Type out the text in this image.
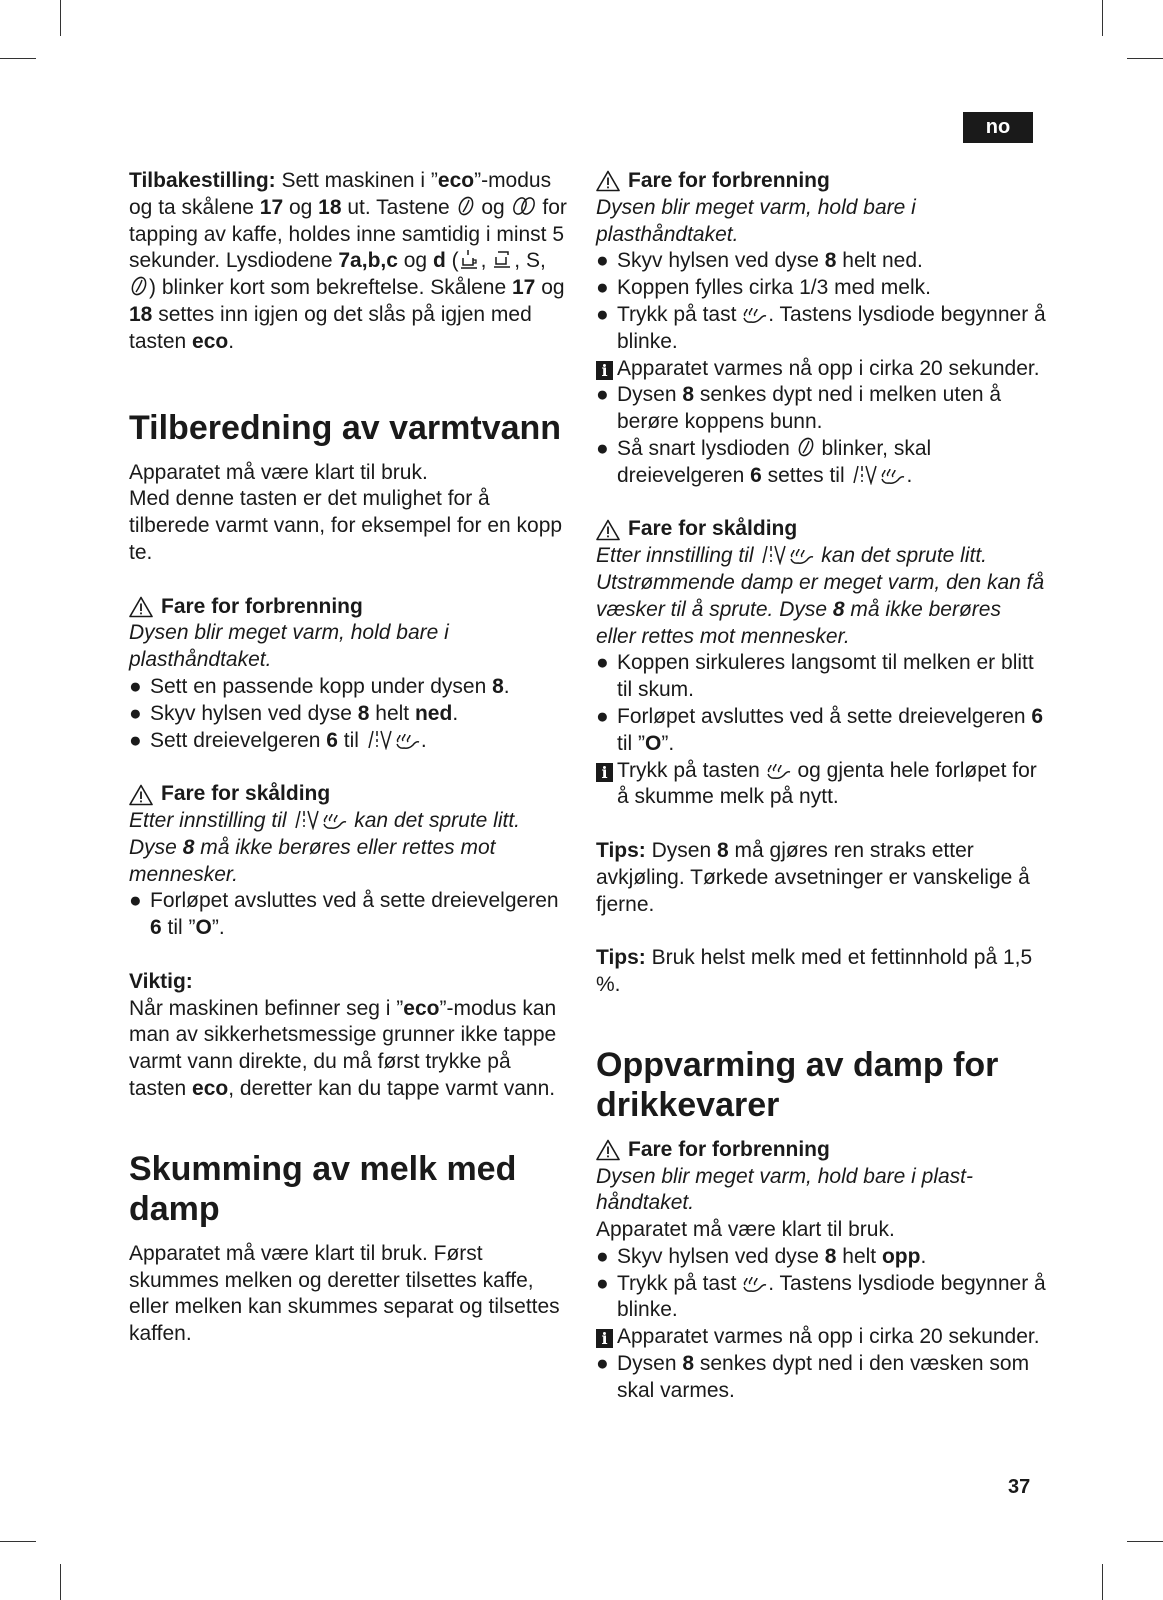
no
37

Tilbakestilling: Sett maskinen i ”eco”-modus og ta skålene 17 og 18 ut. Tastene  og  for tapping av kaffe, holdes inne samtidig i minst 5 sekunder. Lysdiodene 7a,b,c og d ( , , S, ) blinker kort som bekreftelse. Skålene 17 og 18 settes inn igjen og det slås på igjen med tasten eco.

Tilberedning av varmtvann

Apparatet må være klart til bruk.

Med denne tasten er det mulighet for å tilberede varmt vann, for eksempel for en kopp te.

Fare for forbrenning

Dysen blir meget varm, hold bare i plasthåndtaket.

● Sett en passende kopp under dysen 8.
● Skyv hylsen ved dyse 8 helt ned.
● Sett dreievelgeren 6 til	.
Fare for skålding

Etter innstilling til	kan det sprute litt.
Dyse 8 må ikke berøres eller rettes mot mennesker.

● Forløpet avsluttes ved å sette dreievelgeren 6 til ”O”.

Viktig:

Når maskinen befinner seg i ”eco”-modus kan man av sikkerhetsmessige grunner ikke tappe varmt vann direkte, du må først trykke på tasten eco, deretter kan du tappe varmt vann.

Skumming av melk med damp

Apparatet må være klart til bruk. Først skummes melken og deretter tilsettes kaffe, eller melken kan skummes separat og tilsettes kaffen.

Fare for forbrenning

Dysen blir meget varm, hold bare i plasthåndtaket.

● Skyv hylsen ved dyse 8 helt ned.
● Koppen fylles cirka 1/3 med melk.
● Trykk på tast . Tastens lysdiode begynner å blinke.
i Apparatet varmes nå opp i cirka 20 sekunder.
● Dysen 8 senkes dypt ned i melken uten å berøre koppens bunn.
● Så snart lysdioden  blinker, skal dreievelgeren 6 settes til	.
Fare for skålding

Etter innstilling til	kan det sprute litt. Utstrømmende damp er meget varm, den kan få væsker til å sprute. Dyse 8 må ikke berøres eller rettes mot mennesker.

● Koppen sirkuleres langsomt til melken er blitt til skum.
● Forløpet avsluttes ved å sette dreievelgeren 6 til ”O”.
i Trykk på tasten  og gjenta hele forløpet for å skumme melk på nytt.

Tips: Dysen 8 må gjøres ren straks etter avkjøling. Tørkede avsetninger er vanskelige å fjerne.

Tips: Bruk helst melk med et fettinnhold på 1,5 %.

Oppvarming av damp for drikkevarer
Fare for forbrenning

Dysen blir meget varm, hold bare i plast-håndtaket.

Apparatet må være klart til bruk.

● Skyv hylsen ved dyse 8 helt opp.
● Trykk på tast . Tastens lysdiode begynner å blinke.
i Apparatet varmes nå opp i cirka 20 sekunder.
● Dysen 8 senkes dypt ned i den væsken som skal varmes.
